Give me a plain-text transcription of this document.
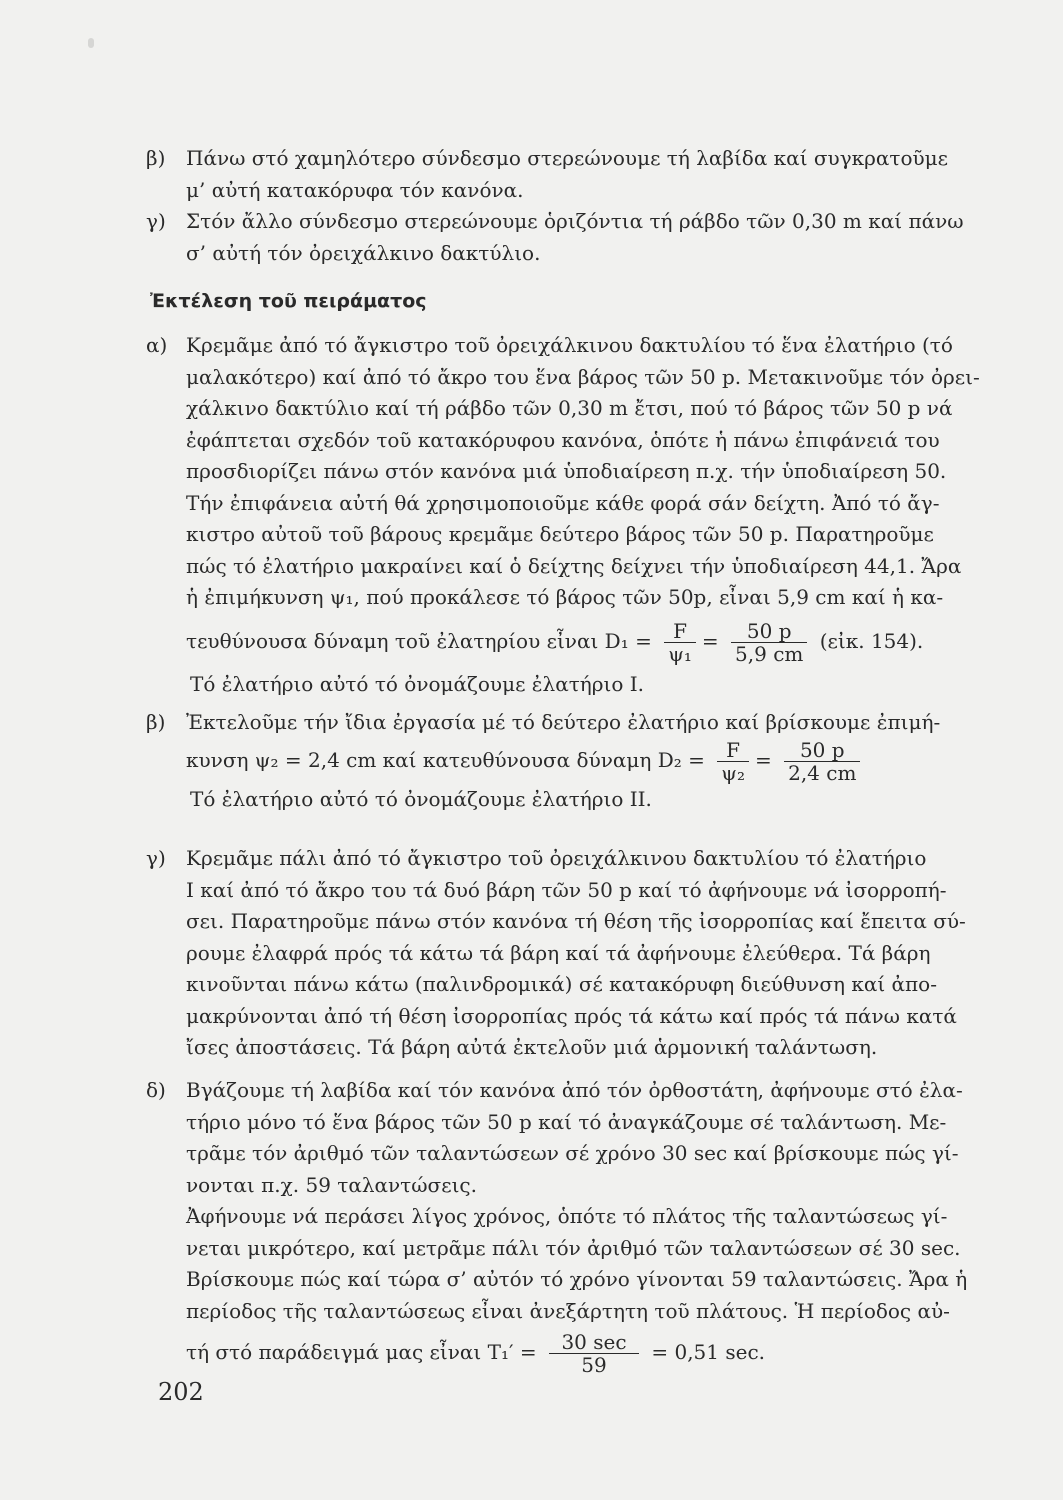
β) Πάνω στό χαμηλότερο σύνδεσμο στερεώνουμε τή λαβίδα καί συγκρατοῦμε
μ’ αὐτή κατακόρυφα τόν κανόνα.
γ) Στόν ἄλλο σύνδεσμο στερεώνουμε ὁριζόντια τή ράβδο τῶν 0,30 m καί πάνω
σ’ αὐτή τόν ὀρειχάλκινο δακτύλιο.
Ἐκτέλεση τοῦ πειράματος
α) Κρεμᾶμε ἀπό τό ἄγκιστρο τοῦ ὀρειχάλκινου δακτυλίου τό ἕνα ἐλατήριο (τό
μαλακότερο) καί ἀπό τό ἄκρο του ἕνα βάρος τῶν 50 p. Μετακινοῦμε τόν ὀρει-
χάλκινο δακτύλιο καί τή ράβδο τῶν 0,30 m ἔτσι, πού τό βάρος τῶν 50 p νά
ἐφάπτεται σχεδόν τοῦ κατακόρυφου κανόνα, ὁπότε ἡ πάνω ἐπιφάνειά του
προσδιορίζει πάνω στόν κανόνα μιά ὑποδιαίρεση π.χ. τήν ὑποδιαίρεση 50.
Τήν ἐπιφάνεια αὐτή θά χρησιμοποιοῦμε κάθε φορά σάν δείχτη. Ἀπό τό ἄγ-
κιστρο αὐτοῦ τοῦ βάρους κρεμᾶμε δεύτερο βάρος τῶν 50 p. Παρατηροῦμε
πώς τό ἐλατήριο μακραίνει καί ὁ δείχτης δείχνει τήν ὑποδιαίρεση 44,1. Ἄρα
ἡ ἐπιμήκυνση ψ₁, πού προκάλεσε τό βάρος τῶν 50p, εἶναι 5,9 cm καί ἡ κα-
τευθύνουσα δύναμη τοῦ ἐλατηρίου εἶναι $D_1 = \frac{F}{\text{ψ₁}} = \frac{50 p}{5,9 cm}$ (εἰκ. 154).
Τό ἐλατήριο αὐτό τό ὀνομάζουμε ἐλατήριο I.
β) Ἐκτελοῦμε τήν ἴδια ἐργασία μέ τό δεύτερο ἐλατήριο καί βρίσκουμε ἐπιμή-
κυνση ψ₂ = 2,4 cm καί κατευθύνουσα δύναμη $D_2 = \frac{F}{\text{ψ₂}} = \frac{50 p}{2,4 cm}$
Τό ἐλατήριο αὐτό τό ὀνομάζουμε ἐλατήριο II.
γ) Κρεμᾶμε πάλι ἀπό τό ἄγκιστρο τοῦ ὀρειχάλκινου δακτυλίου τό ἐλατήριο
I καί ἀπό τό ἄκρο του τά δυό βάρη τῶν 50 p καί τό ἀφήνουμε νά ἰσορροπή-
σει. Παρατηροῦμε πάνω στόν κανόνα τή θέση τῆς ἰσορροπίας καί ἔπειτα σύ-
ρουμε ἐλαφρά πρός τά κάτω τά βάρη καί τά ἀφήνουμε ἐλεύθερα. Τά βάρη
κινοῦνται πάνω κάτω (παλινδρομικά) σέ κατακόρυφη διεύθυνση καί ἀπο-
μακρύνονται ἀπό τή θέση ἰσορροπίας πρός τά κάτω καί πρός τά πάνω κατά
ἴσες ἀποστάσεις. Τά βάρη αὐτά ἐκτελοῦν μιά ἁρμονική ταλάντωση.
δ) Βγάζουμε τή λαβίδα καί τόν κανόνα ἀπό τόν ὀρθοστάτη, ἀφήνουμε στό ἐλα-
τήριο μόνο τό ἕνα βάρος τῶν 50 p καί τό ἀναγκάζουμε σέ ταλάντωση. Με-
τρᾶμε τόν ἀριθμό τῶν ταλαντώσεων σέ χρόνο 30 sec καί βρίσκουμε πώς γί-
νονται π.χ. 59 ταλαντώσεις.
Ἀφήνουμε νά περάσει λίγος χρόνος, ὁπότε τό πλάτος τῆς ταλαντώσεως γί-
νεται μικρότερο, καί μετρᾶμε πάλι τόν ἀριθμό τῶν ταλαντώσεων σέ 30 sec.
Βρίσκουμε πώς καί τώρα σ’ αὐτόν τό χρόνο γίνονται 59 ταλαντώσεις. Ἄρα ἡ
περίοδος τῆς ταλαντώσεως εἶναι ἀνεξάρτητη τοῦ πλάτους. Ἡ περίοδος αὐ-
τή στό παράδειγμά μας εἶναι $T_1' = \frac{30 \sec}{59} = 0,51$ sec.
202
